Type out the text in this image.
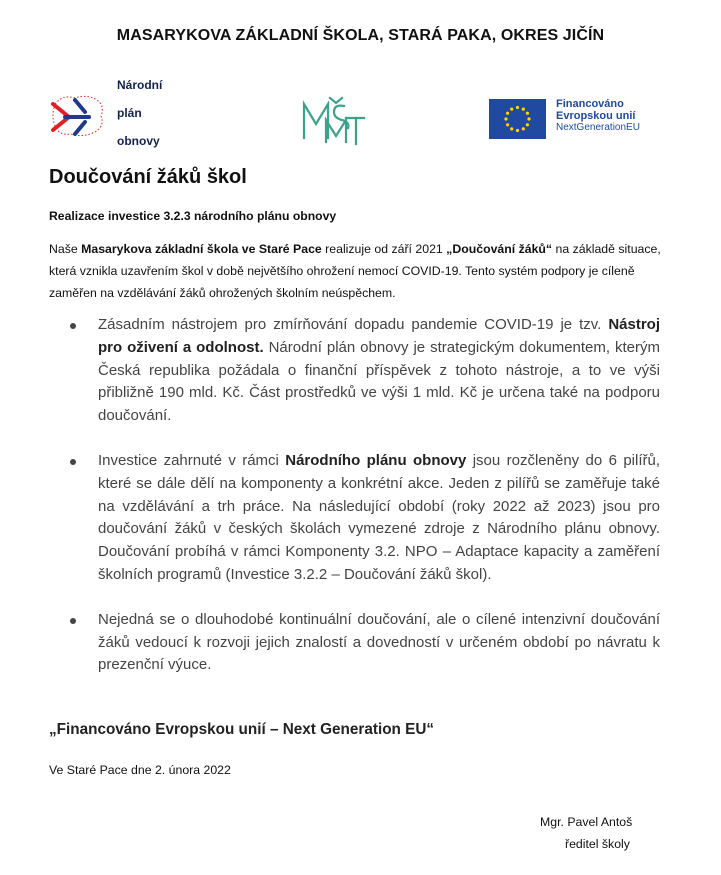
MASARYKOVA ZÁKLADNÍ ŠKOLA, STARÁ PAKA, OKRES JIČÍN

Národní

plán

obnovy

Financováno
Evropskou unií
NextGenerationEU
Doučování žáků škol
Realizace investice 3.2.3 národního plánu obnovy
Naše Masarykova základní škola ve Staré Pace realizuje od září 2021 „Doučování žáků“ na základě situace, která vznikla uzavřením škol v době největšího ohrožení nemocí COVID-19. Tento systém podpory je cíleně zaměřen na vzdělávání žáků ohrožených školním neúspěchem.
Zásadním nástrojem pro zmírňování dopadu pandemie COVID-19 je tzv. Nástroj pro oživení a odolnost. Národní plán obnovy je strategickým dokumentem, kterým Česká republika požádala o finanční příspěvek z tohoto nástroje, a to ve výši přibližně 190 mld. Kč. Část prostředků ve výši 1 mld. Kč je určena také na podporu doučování.
Investice zahrnuté v rámci Národního plánu obnovy jsou rozčleněny do 6 pilířů, které se dále dělí na komponenty a konkrétní akce. Jeden z pilířů se zaměřuje také na vzdělávání a trh práce. Na následující období (roky 2022 až 2023) jsou pro doučování žáků v českých školách vymezené zdroje z Národního plánu obnovy. Doučování probíhá v rámci Komponenty 3.2. NPO – Adaptace kapacity a zaměření školních programů (Investice 3.2.2 – Doučování žáků škol).
Nejedná se o dlouhodobé kontinuální doučování, ale o cílené intenzivní doučování žáků vedoucí k rozvoji jejich znalostí a dovedností v určeném období po návratu k prezenční výuce.
„Financováno Evropskou unií – Next Generation EU“
Ve Staré Pace dne 2. února 2022
Mgr. Pavel Antoš
ředitel školy
